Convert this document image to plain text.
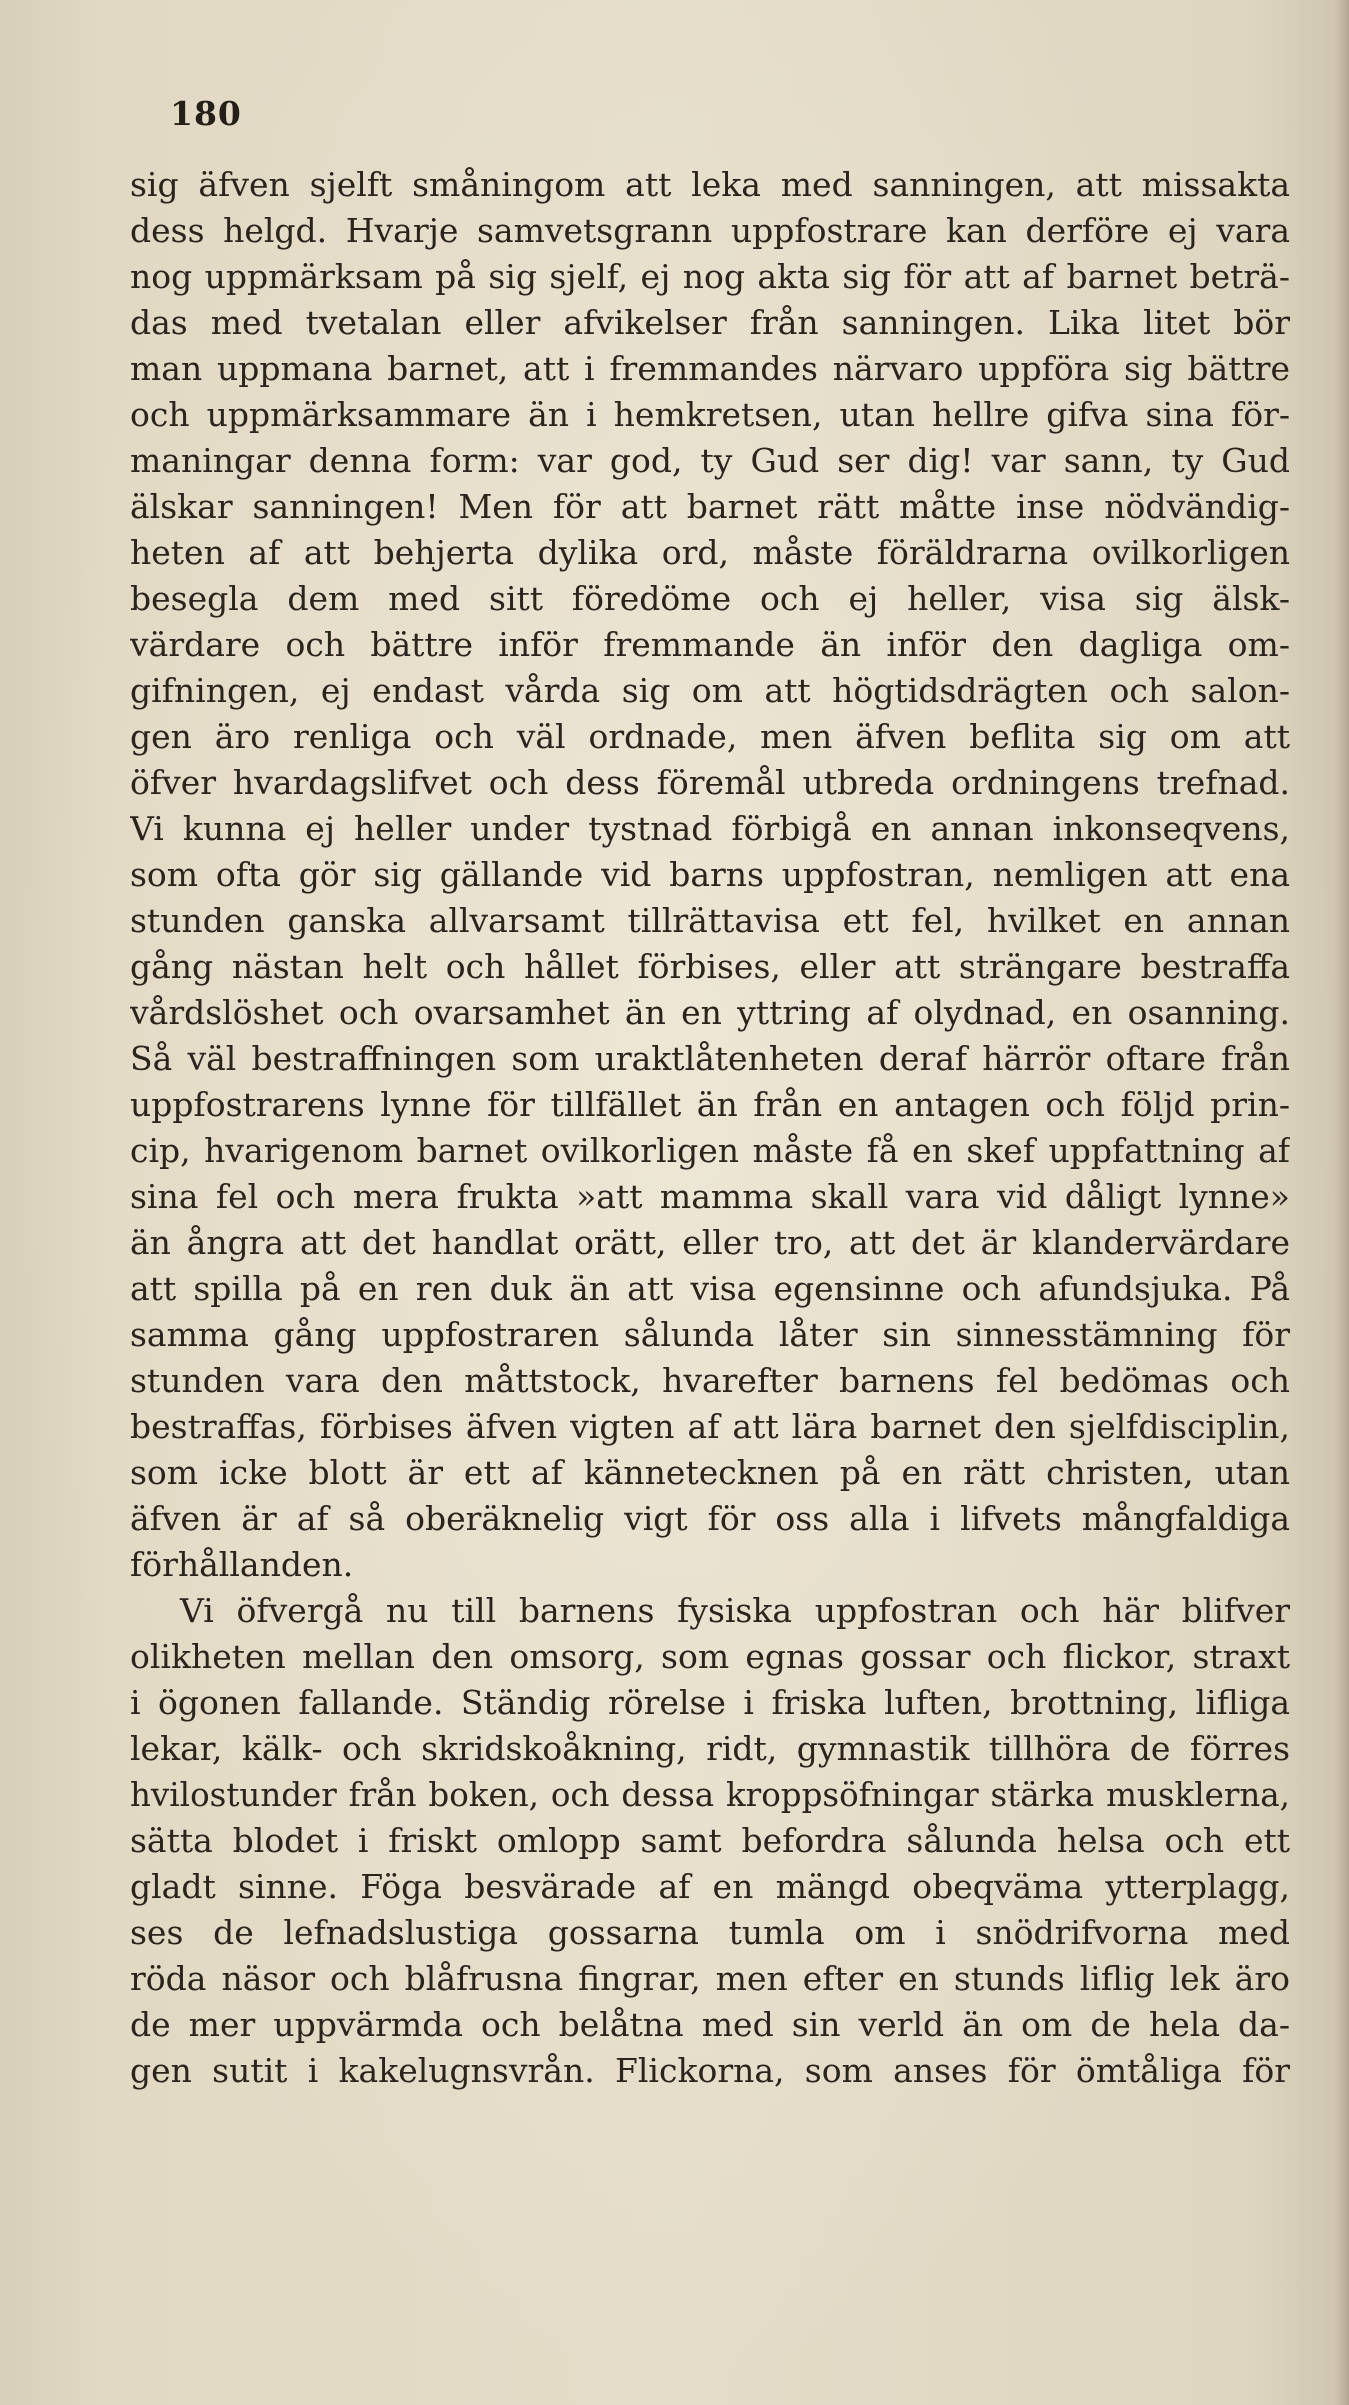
180
sig äfven sjelft småningom att leka med sanningen, att missakta
dess helgd. Hvarje samvetsgrann uppfostrare kan derföre ej vara
nog uppmärksam på sig sjelf, ej nog akta sig för att af barnet beträ-
das med tvetalan eller afvikelser från sanningen. Lika litet bör
man uppmana barnet, att i fremmandes närvaro uppföra sig bättre
och uppmärksammare än i hemkretsen, utan hellre gifva sina för-
maningar denna form: var god, ty Gud ser dig! var sann, ty Gud
älskar sanningen! Men för att barnet rätt måtte inse nödvändig-
heten af att behjerta dylika ord, måste föräldrarna ovilkorligen
besegla dem med sitt föredöme och ej heller, visa sig älsk-
värdare och bättre inför fremmande än inför den dagliga om-
gifningen, ej endast vårda sig om att högtidsdrägten och salon-
gen äro renliga och väl ordnade, men äfven beflita sig om att
öfver hvardagslifvet och dess föremål utbreda ordningens trefnad.
Vi kunna ej heller under tystnad förbigå en annan inkonseqvens,
som ofta gör sig gällande vid barns uppfostran, nemligen att ena
stunden ganska allvarsamt tillrättavisa ett fel, hvilket en annan
gång nästan helt och hållet förbises, eller att strängare bestraffa
vårdslöshet och ovarsamhet än en yttring af olydnad, en osanning.
Så väl bestraffningen som uraktlåtenheten deraf härrör oftare från
uppfostrarens lynne för tillfället än från en antagen och följd prin-
cip, hvarigenom barnet ovilkorligen måste få en skef uppfattning af
sina fel och mera frukta »att mamma skall vara vid dåligt lynne»
än ångra att det handlat orätt, eller tro, att det är klandervärdare
att spilla på en ren duk än att visa egensinne och afundsjuka. På
samma gång uppfostraren sålunda låter sin sinnesstämning för
stunden vara den måttstock, hvarefter barnens fel bedömas och
bestraffas, förbises äfven vigten af att lära barnet den sjelfdisciplin,
som icke blott är ett af kännetecknen på en rätt christen, utan
äfven är af så oberäknelig vigt för oss alla i lifvets mångfaldiga
förhållanden.
Vi öfvergå nu till barnens fysiska uppfostran och här blifver
olikheten mellan den omsorg, som egnas gossar och flickor, straxt
i ögonen fallande. Ständig rörelse i friska luften, brottning, lifliga
lekar, kälk- och skridskoåkning, ridt, gymnastik tillhöra de förres
hvilostunder från boken, och dessa kroppsöfningar stärka musklerna,
sätta blodet i friskt omlopp samt befordra sålunda helsa och ett
gladt sinne. Föga besvärade af en mängd obeqväma ytterplagg,
ses de lefnadslustiga gossarna tumla om i snödrifvorna med
röda näsor och blåfrusna fingrar, men efter en stunds liflig lek äro
de mer uppvärmda och belåtna med sin verld än om de hela da-
gen sutit i kakelugnsvrån. Flickorna, som anses för ömtåliga för
